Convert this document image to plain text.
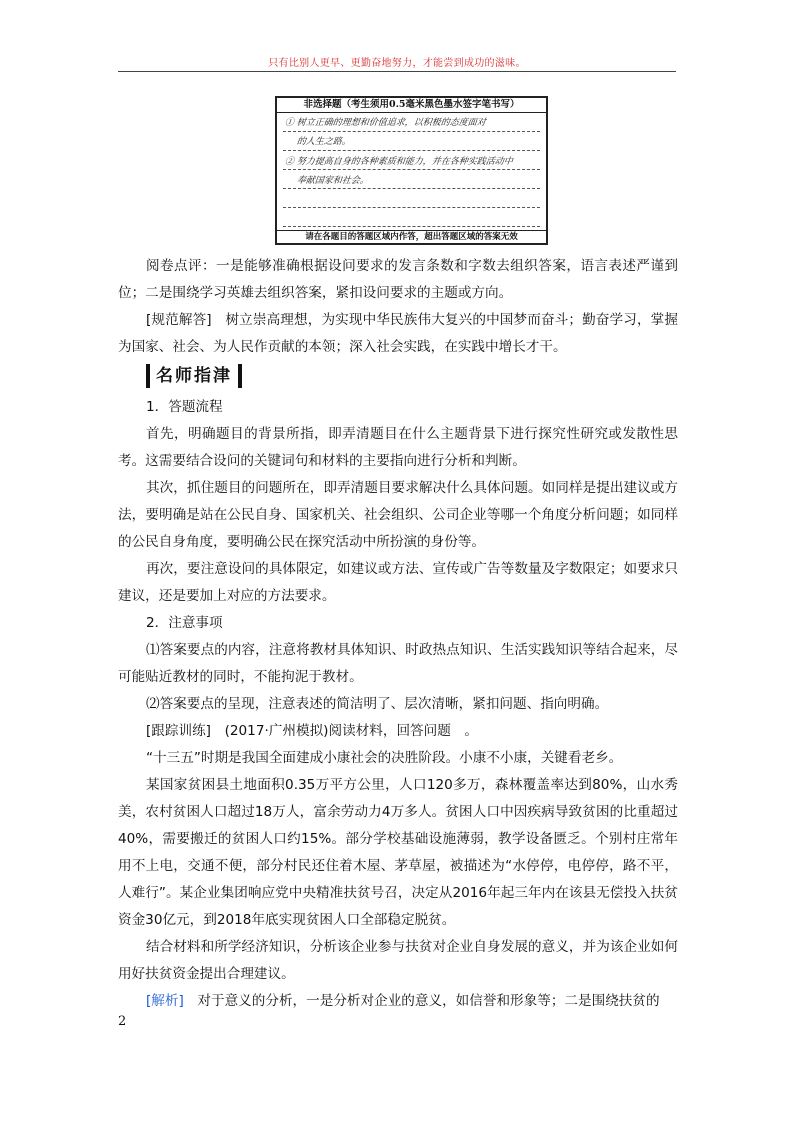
只有比别人更早、更勤奋地努力，才能尝到成功的滋味。
非选择题（考生须用0.5毫米黑色墨水签字笔书写）
① 树立正确的理想和价值追求，以积极的态度面对
的人生之路。
② 努力提高自身的各种素质和能力，并在各种实践活动中
奉献国家和社会。
请在各题目的答题区域内作答，超出答题区域的答案无效

阅卷点评：一是能够准确根据设问要求的发言条数和字数去组织答案，语言表述严谨到位；二是围绕学习英雄去组织答案，紧扣设问要求的主题或方向。

[规范解答]　树立崇高理想，为实现中华民族伟大复兴的中国梦而奋斗；勤奋学习，掌握为国家、社会、为人民作贡献的本领；深入社会实践，在实践中增长才干。

名师指津

1．答题流程

首先，明确题目的背景所指，即弄清题目在什么主题背景下进行探究性研究或发散性思考。这需要结合设问的关键词句和材料的主要指向进行分析和判断。

其次，抓住题目的问题所在，即弄清题目要求解决什么具体问题。如同样是提出建议或方法，要明确是站在公民自身、国家机关、社会组织、公司企业等哪一个角度分析问题；如同样的公民自身角度，要明确公民在探究活动中所扮演的身份等。

再次，要注意设问的具体限定，如建议或方法、宣传或广告等数量及字数限定；如要求只建议，还是要加上对应的方法要求。

2．注意事项

⑴答案要点的内容，注意将教材具体知识、时政热点知识、生活实践知识等结合起来，尽可能贴近教材的同时，不能拘泥于教材。

⑵答案要点的呈现，注意表述的简洁明了、层次清晰，紧扣问题、指向明确。

[跟踪训练]　(2017·广州模拟)阅读材料，回答问题　。

“十三五”时期是我国全面建成小康社会的决胜阶段。小康不小康，关键看老乡。

某国家贫困县土地面积0.35万平方公里，人口120多万，森林覆盖率达到80%，山水秀美，农村贫困人口超过18万人，富余劳动力4万多人。贫困人口中因疾病导致贫困的比重超过40%，需要搬迁的贫困人口约15%。部分学校基础设施薄弱，教学设备匮乏。个别村庄常年用不上电，交通不便，部分村民还住着木屋、茅草屋，被描述为“水停停，电停停，路不平，人难行”。某企业集团响应党中央精准扶贫号召，决定从2016年起三年内在该县无偿投入扶贫资金30亿元，到2018年底实现贫困人口全部稳定脱贫。

结合材料和所学经济知识，分析该企业参与扶贫对企业自身发展的意义，并为该企业如何用好扶贫资金提出合理建议。

[解析]　对于意义的分析，一是分析对企业的意义，如信誉和形象等；二是围绕扶贫的

2
